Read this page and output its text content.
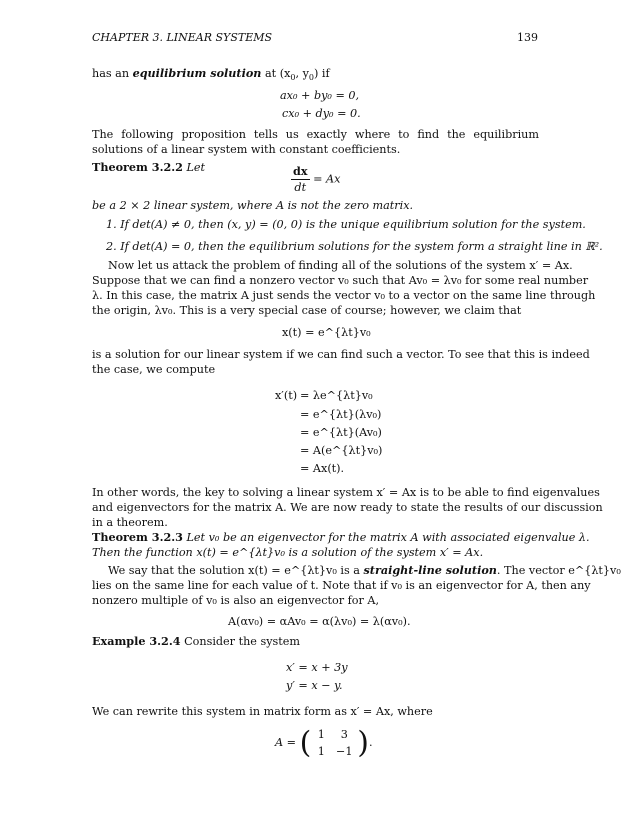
CHAPTER 3. LINEAR SYSTEMS	139
has an equilibrium solution at ($x_0$, $y_0$) if
ax₀ + by₀ = 0,
cx₀ + dy₀ = 0.
The following proposition tells us exactly where to find the equilibrium solutions of a linear system with constant coefficients.
Theorem 3.2.2 Let	$\frac{dx}{dt} = Ax$
be a 2 × 2 linear system, where A is not the zero matrix.
1. If det(A) ≠ 0, then (x, y) = (0, 0) is the unique equilibrium solution for the system.
2. If det(A) = 0, then the equilibrium solutions for the system form a straight line in ℝ².
Now let us attack the problem of finding all of the solutions of the system x′ = Ax.
Suppose that we can find a nonzero vector v₀ such that Av₀ = λv₀ for some real number
λ. In this case, the matrix A just sends the vector v₀ to a vector on the same line through
the origin, λv₀. This is a very special case of course; however, we claim that
x(t) = e^{λt}v₀
is a solution for our linear system if we can find such a vector. To see that this is indeed
the case, we compute
x′(t) = λe^{λt}v₀
= e^{λt}(λv₀)
= e^{λt}(Av₀)
= A(e^{λt}v₀)
= Ax(t).
In other words, the key to solving a linear system x′ = Ax is to be able to find eigenvalues
and eigenvectors for the matrix A. We are now ready to state the results of our discussion
in a theorem.
Theorem 3.2.3 Let v₀ be an eigenvector for the matrix A with associated eigenvalue λ.
Then the function x(t) = e^{λt}v₀ is a solution of the system x′ = Ax.
We say that the solution x(t) = e^{λt}v₀ is a straight-line solution. The vector e^{λt}v₀
lies on the same line for each value of t. Note that if v₀ is an eigenvector for A, then any
nonzero multiple of v₀ is also an eigenvector for A,
A(αv₀) = αAv₀ = α(λv₀) = λ(αv₀).
Example 3.2.4 Consider the system
x′ = x + 3y
y′ = x − y.
We can rewrite this system in matrix form as x′ = Ax, where
A = ( 1	3
1 −1 ).
